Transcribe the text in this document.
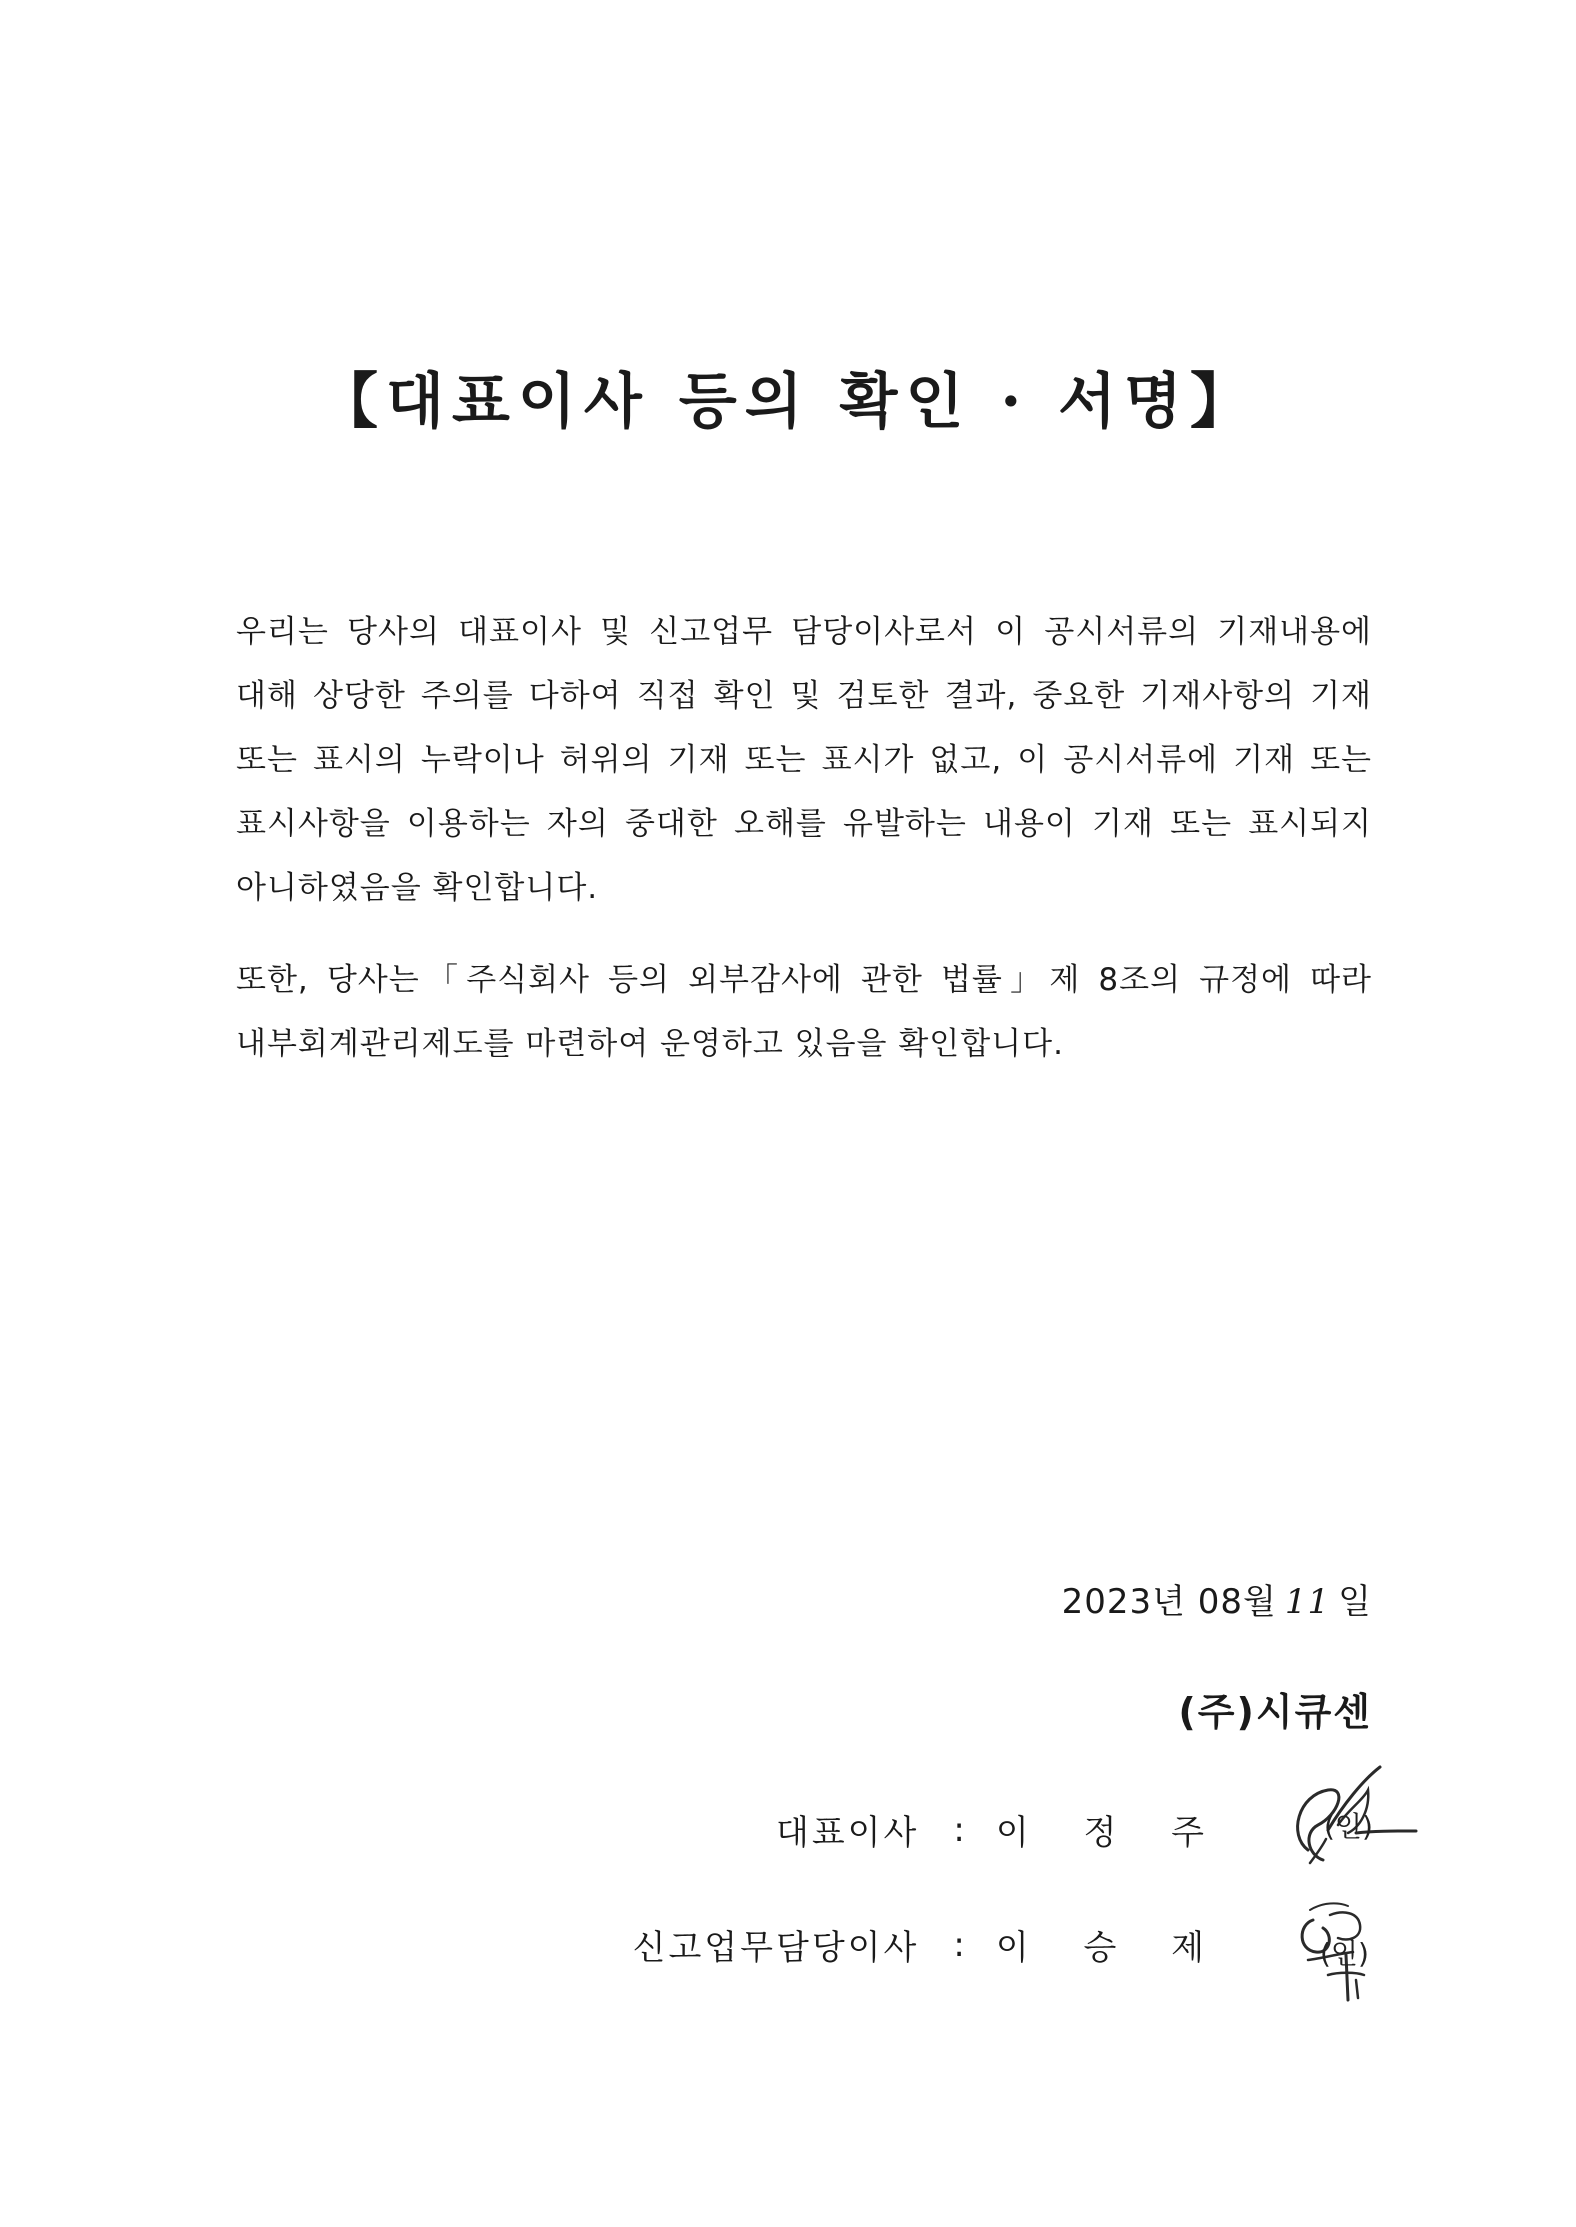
【대표이사 등의 확인 · 서명】

우리는 당사의 대표이사 및 신고업무 담당이사로서 이 공시서류의 기재내용에 대해 상당한 주의를 다하여 직접 확인 및 검토한 결과, 중요한 기재사항의 기재 또는 표시의 누락이나 허위의 기재 또는 표시가 없고, 이 공시서류에 기재 또는 표시사항을 이용하는 자의 중대한 오해를 유발하는 내용이 기재 또는 표시되지 아니하였음을 확인합니다.

또한, 당사는「주식회사 등의 외부감사에 관한 법률」제 8조의 규정에 따라 내부회계관리제도를 마련하여 운영하고 있음을 확인합니다.

2023년 08월 11 일
(주)시큐센
대표이사 : 이 정 주
신고업무담당이사 : 이 승 제
(인)
(인)
